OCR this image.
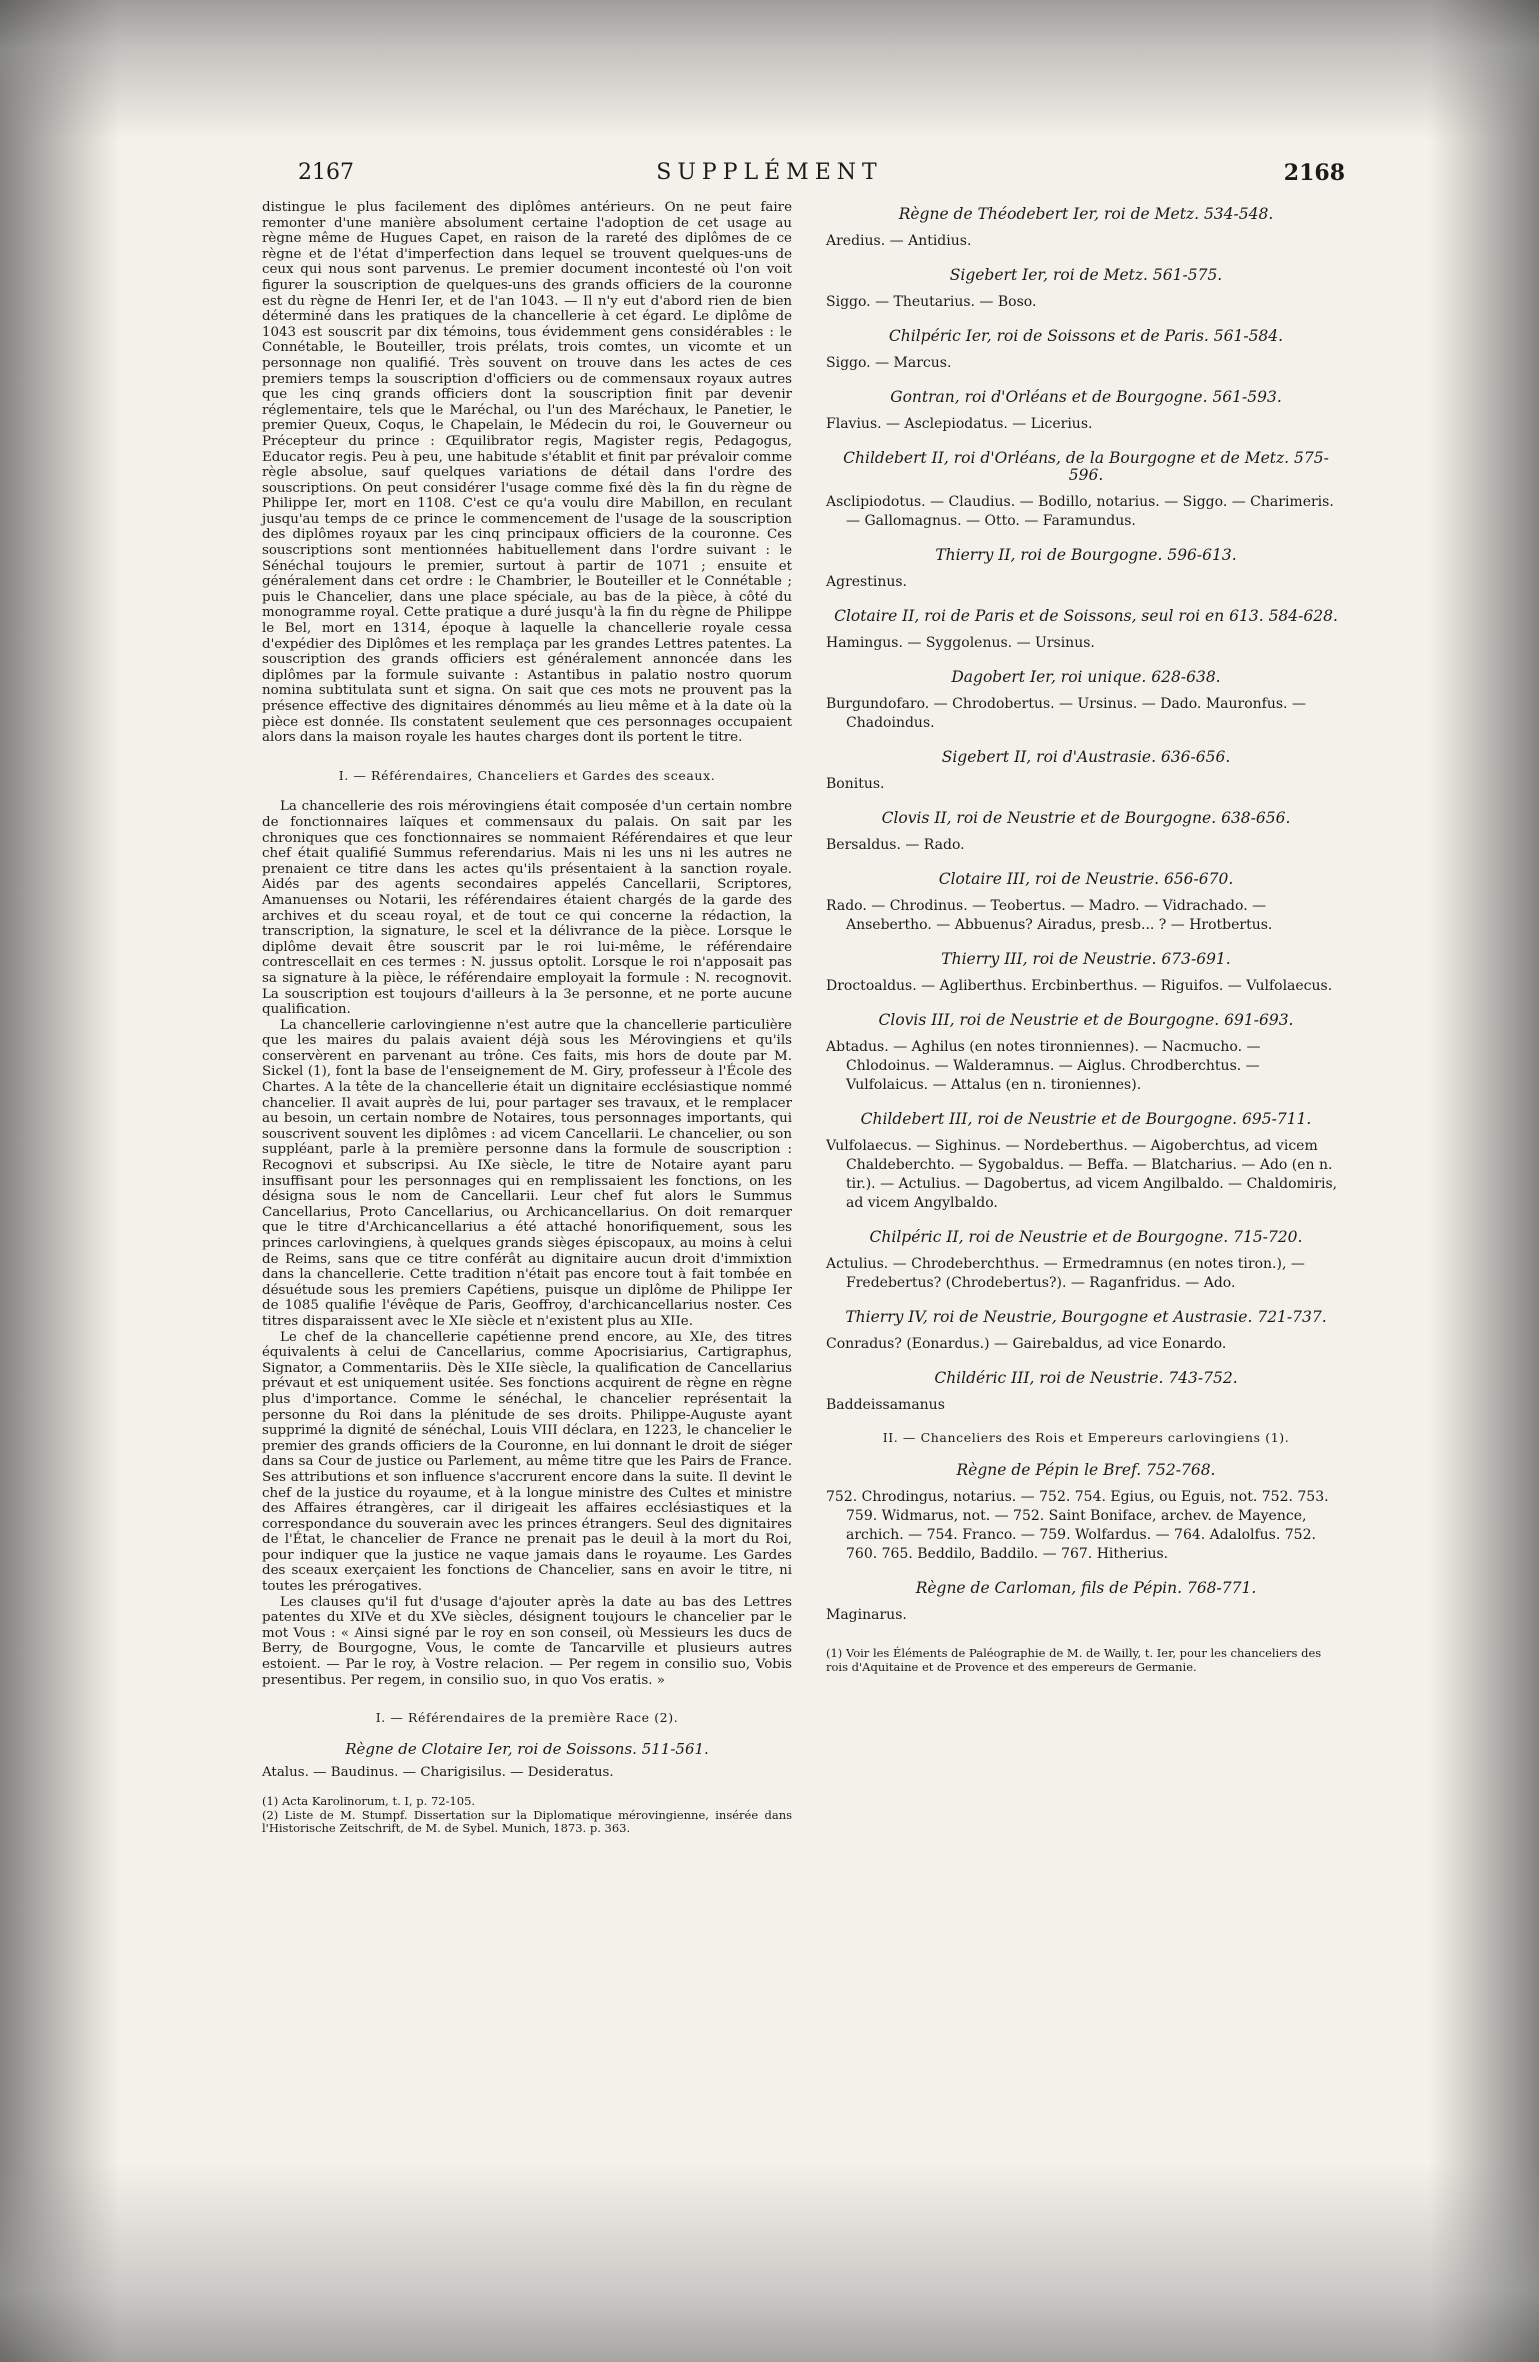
SUPPLÉMENT
2167	2168

distingue le plus facilement des diplômes antérieurs. On ne peut faire remonter d'une manière absolument certaine l'adoption de cet usage au règne même de Hugues Capet, en raison de la rareté des diplômes de ce règne et de l'état d'imperfection dans lequel se trouvent quelques-uns de ceux qui nous sont parvenus. Le premier document incontesté où l'on voit figurer la souscription de quelques-uns des grands officiers de la couronne est du règne de Henri Ier, et de l'an 1043. — Il n'y eut d'abord rien de bien déterminé dans les pratiques de la chancellerie à cet égard. Le diplôme de 1043 est souscrit par dix témoins, tous évidemment gens considérables : le Connétable, le Bouteiller, trois prélats, trois comtes, un vicomte et un personnage non qualifié. Très souvent on trouve dans les actes de ces premiers temps la souscription d'officiers ou de commensaux royaux autres que les cinq grands officiers dont la souscription finit par devenir réglementaire, tels que le Maréchal, ou l'un des Maréchaux, le Panetier, le premier Queux, Coqus, le Chapelain, le Médecin du roi, le Gouverneur ou Précepteur du prince : Œquilibrator regis, Magister regis, Pedagogus, Educator regis. Peu à peu, une habitude s'établit et finit par prévaloir comme règle absolue, sauf quelques variations de détail dans l'ordre des souscriptions. On peut considérer l'usage comme fixé dès la fin du règne de Philippe Ier, mort en 1108. C'est ce qu'a voulu dire Mabillon, en reculant jusqu'au temps de ce prince le commencement de l'usage de la souscription des diplômes royaux par les cinq principaux officiers de la couronne. Ces souscriptions sont mentionnées habituellement dans l'ordre suivant : le Sénéchal toujours le premier, surtout à partir de 1071 ; ensuite et généralement dans cet ordre : le Chambrier, le Bouteiller et le Connétable ; puis le Chancelier, dans une place spéciale, au bas de la pièce, à côté du monogramme royal. Cette pratique a duré jusqu'à la fin du règne de Philippe le Bel, mort en 1314, époque à laquelle la chancellerie royale cessa d'expédier des Diplômes et les remplaça par les grandes Lettres patentes. La souscription des grands officiers est généralement annoncée dans les diplômes par la formule suivante : Astantibus in palatio nostro quorum nomina subtitulata sunt et signa. On sait que ces mots ne prouvent pas la présence effective des dignitaires dénommés au lieu même et à la date où la pièce est donnée. Ils constatent seulement que ces personnages occupaient alors dans la maison royale les hautes charges dont ils portent le titre.

I. — Référendaires, Chanceliers et Gardes des sceaux.

La chancellerie des rois mérovingiens était composée d'un certain nombre de fonctionnaires laïques et commensaux du palais. On sait par les chroniques que ces fonctionnaires se nommaient Référendaires et que leur chef était qualifié Summus referendarius. Mais ni les uns ni les autres ne prenaient ce titre dans les actes qu'ils présentaient à la sanction royale. Aidés par des agents secondaires appelés Cancellarii, Scriptores, Amanuenses ou Notarii, les référendaires étaient chargés de la garde des archives et du sceau royal, et de tout ce qui concerne la rédaction, la transcription, la signature, le scel et la délivrance de la pièce. Lorsque le diplôme devait être souscrit par le roi lui-même, le référendaire contrescellait en ces termes : N. jussus optolit. Lorsque le roi n'apposait pas sa signature à la pièce, le référendaire employait la formule : N. recognovit. La souscription est toujours d'ailleurs à la 3e personne, et ne porte aucune qualification.

La chancellerie carlovingienne n'est autre que la chancellerie particulière que les maires du palais avaient déjà sous les Mérovingiens et qu'ils conservèrent en parvenant au trône. Ces faits, mis hors de doute par M. Sickel (1), font la base de l'enseignement de M. Giry, professeur à l'École des Chartes. A la tête de la chancellerie était un dignitaire ecclésiastique nommé chancelier. Il avait auprès de lui, pour partager ses travaux, et le remplacer au besoin, un certain nombre de Notaires, tous personnages importants, qui souscrivent souvent les diplômes : ad vicem Cancellarii. Le chancelier, ou son suppléant, parle à la première personne dans la formule de souscription : Recognovi et subscripsi. Au IXe siècle, le titre de Notaire ayant paru insuffisant pour les personnages qui en remplissaient les fonctions, on les désigna sous le nom de Cancellarii. Leur chef fut alors le Summus Cancellarius, Proto Cancellarius, ou Archicancellarius. On doit remarquer que le titre d'Archicancellarius a été attaché honorifiquement, sous les princes carlovingiens, à quelques grands sièges épiscopaux, au moins à celui de Reims, sans que ce titre conférât au dignitaire aucun droit d'immixtion dans la chancellerie. Cette tradition n'était pas encore tout à fait tombée en désuétude sous les premiers Capétiens, puisque un diplôme de Philippe Ier de 1085 qualifie l'évêque de Paris, Geoffroy, d'archicancellarius noster. Ces titres disparaissent avec le XIe siècle et n'existent plus au XIIe.

Le chef de la chancellerie capétienne prend encore, au XIe, des titres équivalents à celui de Cancellarius, comme Apocrisiarius, Cartigraphus, Signator, a Commentariis. Dès le XIIe siècle, la qualification de Cancellarius prévaut et est uniquement usitée. Ses fonctions acquirent de règne en règne plus d'importance. Comme le sénéchal, le chancelier représentait la personne du Roi dans la plénitude de ses droits. Philippe-Auguste ayant supprimé la dignité de sénéchal, Louis VIII déclara, en 1223, le chancelier le premier des grands officiers de la Couronne, en lui donnant le droit de siéger dans sa Cour de justice ou Parlement, au même titre que les Pairs de France. Ses attributions et son influence s'accrurent encore dans la suite. Il devint le chef de la justice du royaume, et à la longue ministre des Cultes et ministre des Affaires étrangères, car il dirigeait les affaires ecclésiastiques et la correspondance du souverain avec les princes étrangers. Seul des dignitaires de l'État, le chancelier de France ne prenait pas le deuil à la mort du Roi, pour indiquer que la justice ne vaque jamais dans le royaume. Les Gardes des sceaux exerçaient les fonctions de Chancelier, sans en avoir le titre, ni toutes les prérogatives.

Les clauses qu'il fut d'usage d'ajouter après la date au bas des Lettres patentes du XIVe et du XVe siècles, désignent toujours le chancelier par le mot Vous : « Ainsi signé par le roy en son conseil, où Messieurs les ducs de Berry, de Bourgogne, Vous, le comte de Tancarville et plusieurs autres estoient. — Par le roy, à Vostre relacion. — Per regem in consilio suo, Vobis presentibus. Per regem, in consilio suo, in quo Vos eratis. »

I. — Référendaires de la première Race (2).
Règne de Clotaire Ier, roi de Soissons. 511-561.
Atalus. — Baudinus. — Charigisilus. — Desideratus.
(1) Acta Karolinorum, t. I, p. 72-105.
(2) Liste de M. Stumpf. Dissertation sur la Diplomatique mérovingienne, insérée dans l'Historische Zeitschrift, de M. de Sybel. Munich, 1873. p. 363.
Règne de Théodebert Ier, roi de Metz. 534-548.
Aredius. — Antidius.
Sigebert Ier, roi de Metz. 561-575.
Siggo. — Theutarius. — Boso.
Chilpéric Ier, roi de Soissons et de Paris. 561-584.
Siggo. — Marcus.
Gontran, roi d'Orléans et de Bourgogne. 561-593.
Flavius. — Asclepiodatus. — Licerius.
Childebert II, roi d'Orléans, de la Bourgogne et de Metz. 575-596.
Asclipiodotus. — Claudius. — Bodillo, notarius. — Siggo. — Charimeris. — Gallomagnus. — Otto. — Faramundus.
Thierry II, roi de Bourgogne. 596-613.
Agrestinus.
Clotaire II, roi de Paris et de Soissons, seul roi en 613. 584-628.
Hamingus. — Syggolenus. — Ursinus.
Dagobert Ier, roi unique. 628-638.
Burgundofaro. — Chrodobertus. — Ursinus. — Dado. Mauronfus. — Chadoindus.
Sigebert II, roi d'Austrasie. 636-656.
Bonitus.
Clovis II, roi de Neustrie et de Bourgogne. 638-656.
Bersaldus. — Rado.
Clotaire III, roi de Neustrie. 656-670.
Rado. — Chrodinus. — Teobertus. — Madro. — Vidrachado. — Ansebertho. — Abbuenus? Airadus, presb... ? — Hrotbertus.
Thierry III, roi de Neustrie. 673-691.
Droctoaldus. — Agliberthus. Ercbinberthus. — Riguifos. — Vulfolaecus.
Clovis III, roi de Neustrie et de Bourgogne. 691-693.
Abtadus. — Aghilus (en notes tironniennes). — Nacmucho. — Chlodoinus. — Walderamnus. — Aiglus. Chrodberchtus. — Vulfolaicus. — Attalus (en n. tironiennes).
Childebert III, roi de Neustrie et de Bourgogne. 695-711.
Vulfolaecus. — Sighinus. — Nordeberthus. — Aigoberchtus, ad vicem Chaldeberchto. — Sygobaldus. — Beffa. — Blatcharius. — Ado (en n. tir.). — Actulius. — Dagobertus, ad vicem Angilbaldo. — Chaldomiris, ad vicem Angylbaldo.
Chilpéric II, roi de Neustrie et de Bourgogne. 715-720.
Actulius. — Chrodeberchthus. — Ermedramnus (en notes tiron.), — Fredebertus? (Chrodebertus?). — Raganfridus. — Ado.
Thierry IV, roi de Neustrie, Bourgogne et Austrasie. 721-737.
Conradus? (Eonardus.) — Gairebaldus, ad vice Eonardo.
Childéric III, roi de Neustrie. 743-752.
Baddeissamanus
II. — Chanceliers des Rois et Empereurs carlovingiens (1).
Règne de Pépin le Bref. 752-768.
752. Chrodingus, notarius. — 752. 754. Egius, ou Eguis, not. 752. 753. 759. Widmarus, not. — 752. Saint Boniface, archev. de Mayence, archich. — 754. Franco. — 759. Wolfardus. — 764. Adalolfus. 752. 760. 765. Beddilo, Baddilo. — 767. Hitherius.
Règne de Carloman, fils de Pépin. 768-771.
Maginarus.
(1) Voir les Éléments de Paléographie de M. de Wailly, t. Ier, pour les chanceliers des rois d'Aquitaine et de Provence et des empereurs de Germanie.
